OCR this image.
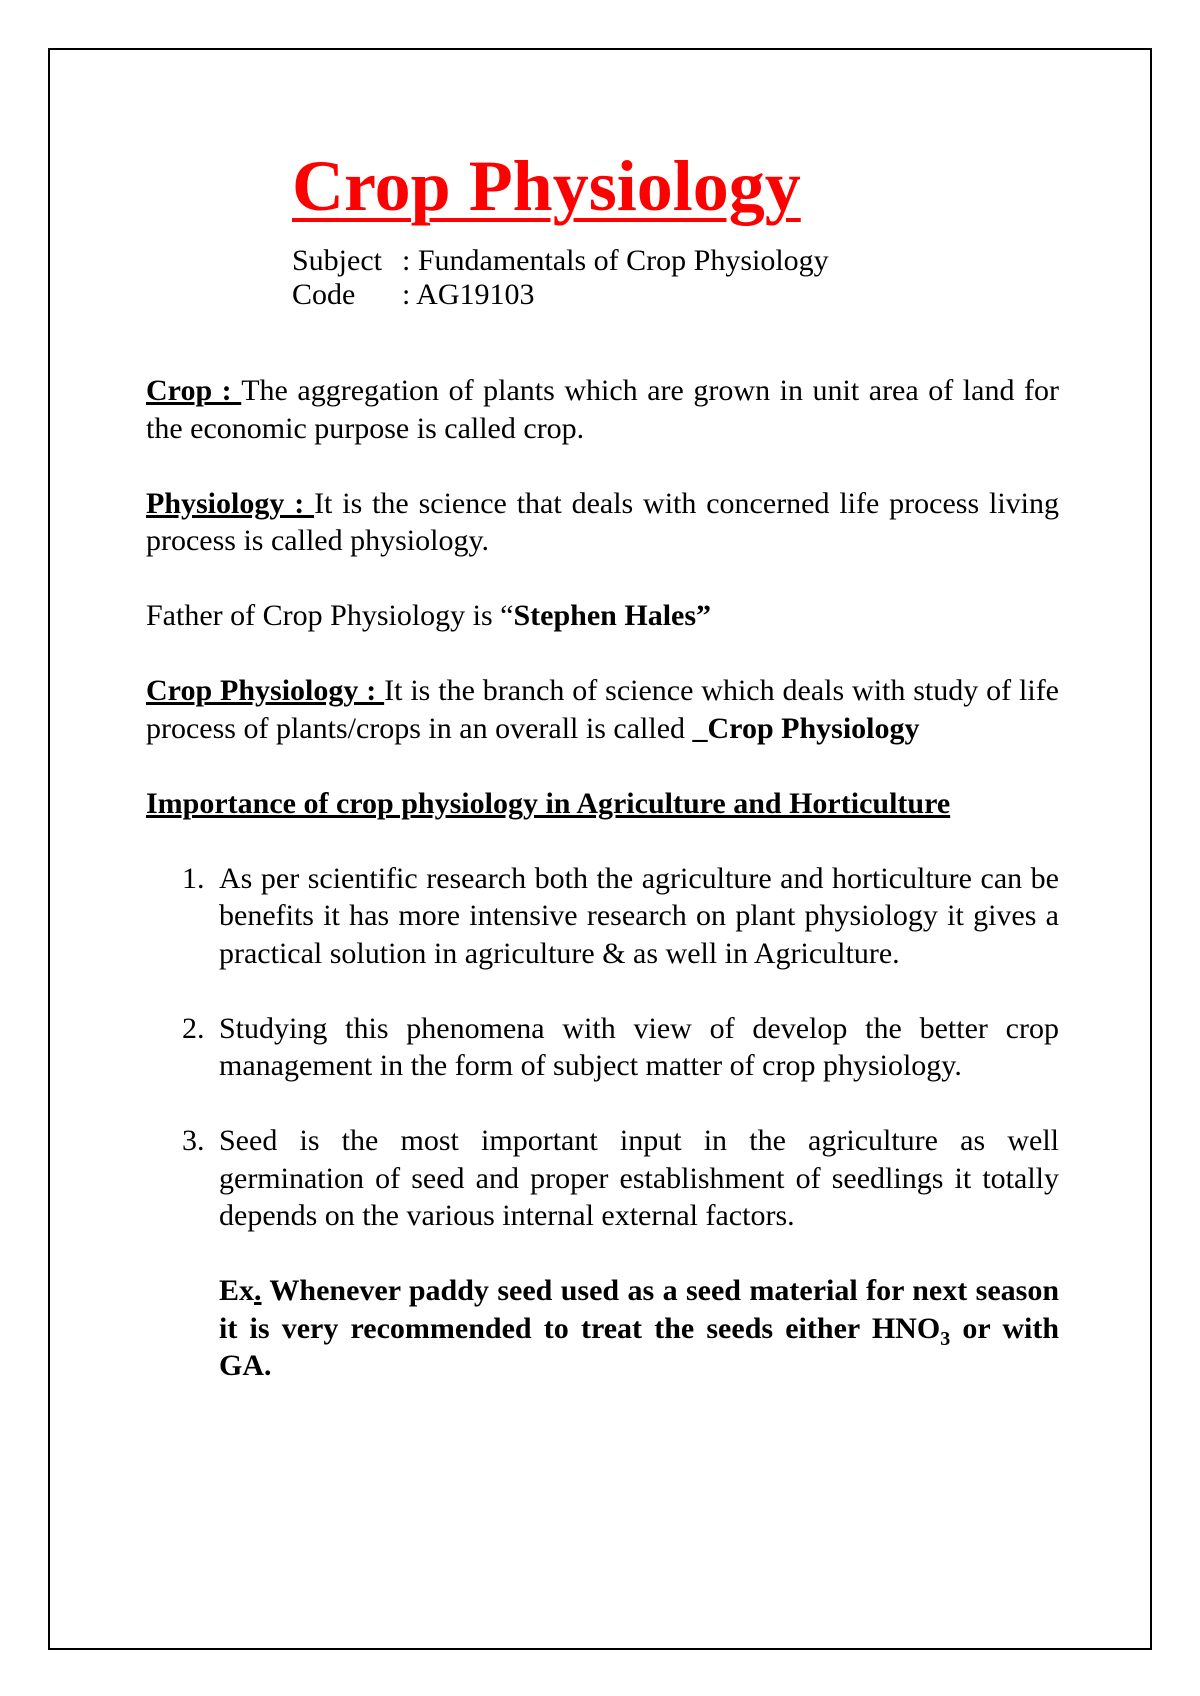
Crop Physiology
Subject : Fundamentals of Crop Physiology
Code : AG19103

Crop : The aggregation of plants which are grown in unit area of land for the economic purpose is called crop.

Physiology : It is the science that deals with concerned life process living process is called physiology.

Father of Crop Physiology is “Stephen Hales”

Crop Physiology : It is the branch of science which deals with study of life process of plants/crops in an overall is called _Crop Physiology

Importance of crop physiology in Agriculture and Horticulture
1. As per scientific research both the agriculture and horticulture can be benefits it has more intensive research on plant physiology it gives a practical solution in agriculture & as well in Agriculture.
2. Studying this phenomena with view of develop the better crop management in the form of subject matter of crop physiology.
3. Seed is the most important input in the agriculture as well germination of seed and proper establishment of seedlings it totally depends on the various internal external factors.

Ex. Whenever paddy seed used as a seed material for next season it is very recommended to treat the seeds either $HNO_3$ or with GA.
